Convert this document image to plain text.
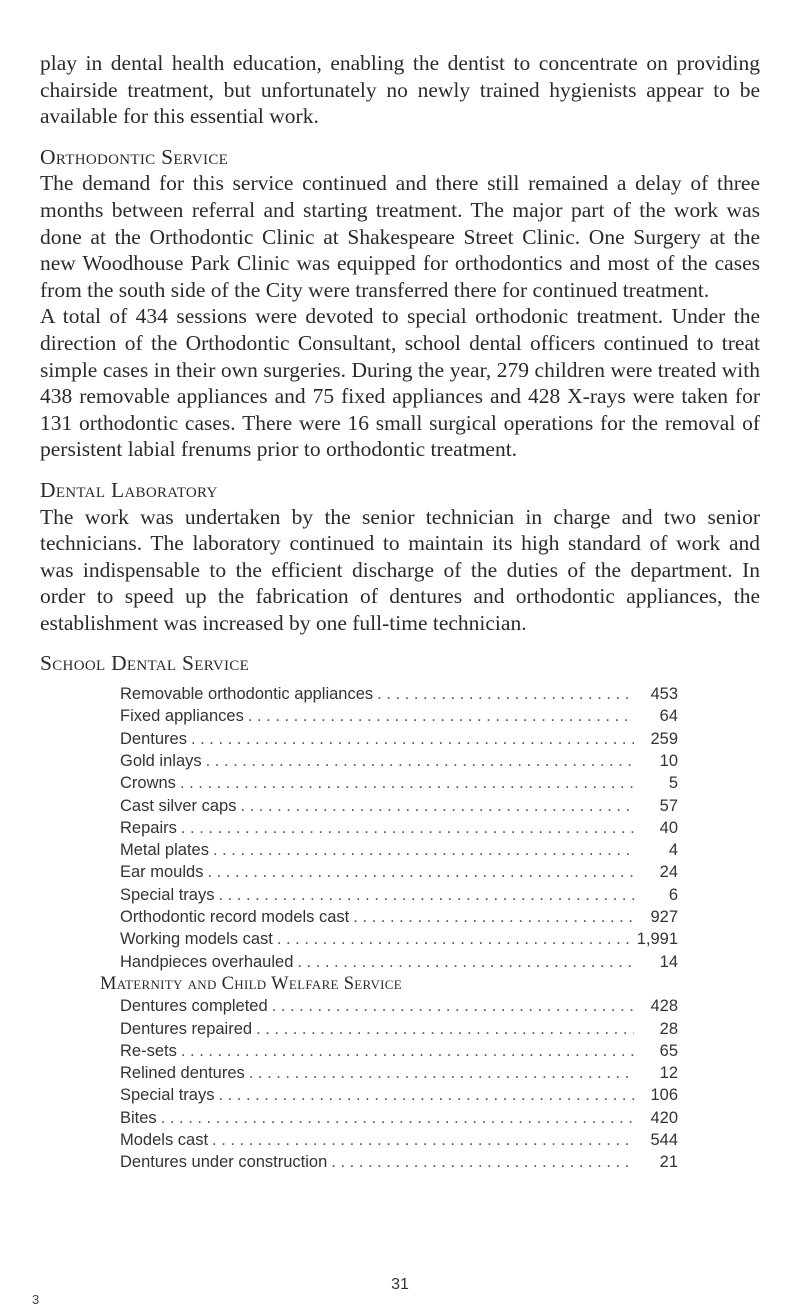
play in dental health education, enabling the dentist to concentrate on providing chairside treatment, but unfortunately no newly trained hygienists appear to be available for this essential work.

Orthodontic Service

The demand for this service continued and there still remained a delay of three months between referral and starting treatment. The major part of the work was done at the Orthodontic Clinic at Shakespeare Street Clinic. One Surgery at the new Woodhouse Park Clinic was equipped for orthodontics and most of the cases from the south side of the City were transferred there for continued treatment.

A total of 434 sessions were devoted to special orthodonic treatment. Under the direction of the Orthodontic Consultant, school dental officers continued to treat simple cases in their own surgeries. During the year, 279 children were treated with 438 removable appliances and 75 fixed appliances and 428 X-rays were taken for 131 orthodontic cases. There were 16 small surgical operations for the removal of persistent labial frenums prior to orthodontic treatment.

Dental Laboratory

The work was undertaken by the senior technician in charge and two senior technicians. The laboratory continued to maintain its high standard of work and was indispensable to the efficient discharge of the duties of the department. In order to speed up the fabrication of dentures and orthodontic appliances, the establishment was increased by one full-time technician.

School Dental Service
Removable orthodontic appliances . . .	453
Fixed appliances . . .	64
Dentures . . .	259
Gold inlays . . .	10
Crowns . . .	5
Cast silver caps . . .	57
Repairs . . .	40
Metal plates . . .	4
Ear moulds . . .	24
Special trays . . .	6
Orthodontic record models cast . . .	927
Working models cast . . .	1,991
Handpieces overhauled . . .	14
Maternity and Child Welfare Service
Dentures completed . . .	428
Dentures repaired . . .	28
Re-sets . . .	65
Relined dentures . . .	12
Special trays . . .	106
Bites . . .	420
Models cast . . .	544
Dentures under construction . . .	21
31
3
